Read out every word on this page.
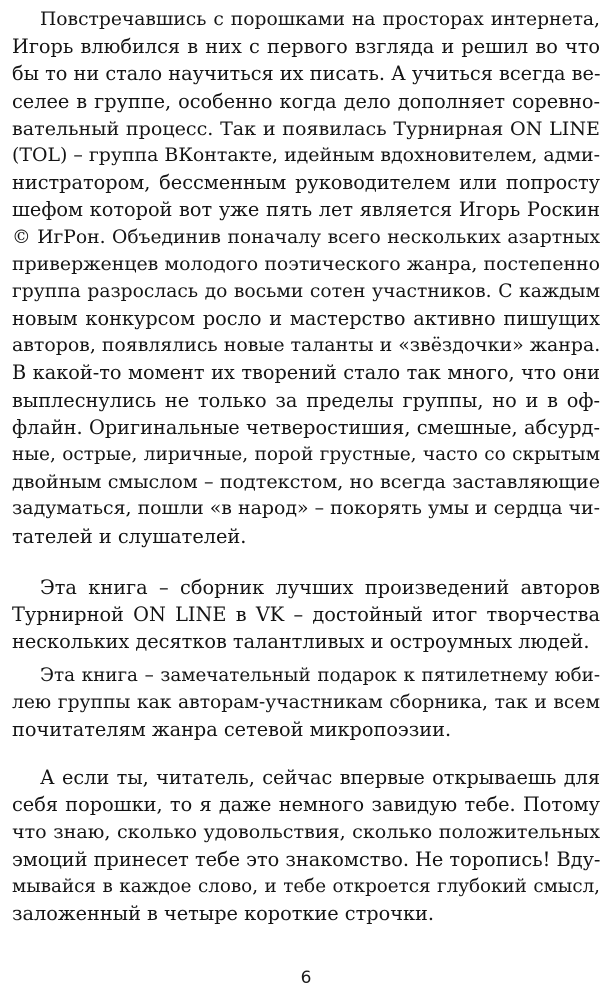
Повстречавшись с порошками на просторах интернета,
Игорь влюбился в них с первого взгляда и решил во что
бы то ни стало научиться их писать. А учиться всегда ве-
селее в группе, особенно когда дело дополняет соревно-
вательный процесс. Так и появилась Турнирная ON LINE
(TOL) – группа ВКонтакте, идейным вдохновителем, адми-
нистратором, бессменным руководителем или попросту
шефом которой вот уже пять лет является Игорь Роскин
© ИгРон. Объединив поначалу всего нескольких азартных
приверженцев молодого поэтического жанра, постепенно
группа разрослась до восьми сотен участников. С каждым
новым конкурсом росло и мастерство активно пишущих
авторов, появлялись новые таланты и «звёздочки» жанра.
В какой-то момент их творений стало так много, что они
выплеснулись не только за пределы группы, но и в оф-
флайн. Оригинальные четверостишия, смешные, абсурд-
ные, острые, лиричные, порой грустные, часто со скрытым
двойным смыслом – подтекстом, но всегда заставляющие
задуматься, пошли «в народ» – покорять умы и сердца чи-
тателей и слушателей.
Эта книга – сборник лучших произведений авторов
Турнирной ON LINE в VK – достойный итог творчества
нескольких десятков талантливых и остроумных людей.
Эта книга – замечательный подарок к пятилетнему юби-
лею группы как авторам-участникам сборника, так и всем
почитателям жанра сетевой микропоэзии.
А если ты, читатель, сейчас впервые открываешь для
себя порошки, то я даже немного завидую тебе. Потому
что знаю, сколько удовольствия, сколько положительных
эмоций принесет тебе это знакомство. Не торопись! Вду-
мывайся в каждое слово, и тебе откроется глубокий смысл,
заложенный в четыре короткие строчки.
6
